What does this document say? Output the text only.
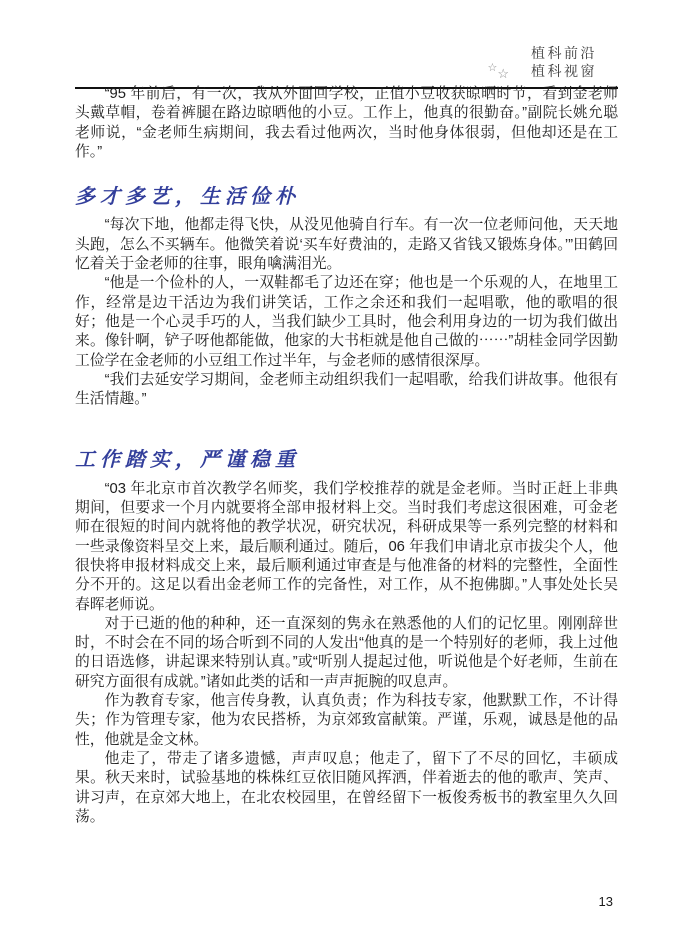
植科前沿
☆ ☆ 植科视窗

“95 年前后，有一次，我从外面回学校，正值小豆收获晾晒时节，看到金老师头戴草帽，卷着裤腿在路边晾晒他的小豆。工作上，他真的很勤奋。”副院长姚允聪老师说，“金老师生病期间，我去看过他两次，当时他身体很弱，但他却还是在工作。”

多才多艺，生活俭朴

“每次下地，他都走得飞快，从没见他骑自行车。有一次一位老师问他，天天地头跑，怎么不买辆车。他微笑着说‘买车好费油的，走路又省钱又锻炼身体。’”田鹤回忆着关于金老师的往事，眼角噙满泪光。

“他是一个俭朴的人，一双鞋都毛了边还在穿；他也是一个乐观的人，在地里工作，经常是边干活边为我们讲笑话，工作之余还和我们一起唱歌，他的歌唱的很好；他是一个心灵手巧的人，当我们缺少工具时，他会利用身边的一切为我们做出来。像针啊，铲子呀他都能做，他家的大书柜就是他自己做的⋯⋯”胡桂金同学因勤工俭学在金老师的小豆组工作过半年，与金老师的感情很深厚。

“我们去延安学习期间，金老师主动组织我们一起唱歌，给我们讲故事。他很有生活情趣。”

工作踏实，严谨稳重

“03 年北京市首次教学名师奖，我们学校推荐的就是金老师。当时正赶上非典期间，但要求一个月内就要将全部申报材料上交。当时我们考虑这很困难，可金老师在很短的时间内就将他的教学状况，研究状况，科研成果等一系列完整的材料和一些录像资料呈交上来，最后顺利通过。随后，06 年我们申请北京市拔尖个人，他很快将申报材料成交上来，最后顺利通过审查是与他准备的材料的完整性，全面性分不开的。这足以看出金老师工作的完备性，对工作，从不抱佛脚。”人事处处长吴春晖老师说。

对于已逝的他的种种，还一直深刻的隽永在熟悉他的人们的记忆里。刚刚辞世时，不时会在不同的场合听到不同的人发出“他真的是一个特别好的老师，我上过他的日语选修，讲起课来特别认真。”或“听别人提起过他，听说他是个好老师，生前在研究方面很有成就。”诸如此类的话和一声声扼腕的叹息声。

作为教育专家，他言传身教，认真负责；作为科技专家，他默默工作，不计得失；作为管理专家，他为农民搭桥，为京郊致富献策。严谨，乐观，诚恳是他的品性，他就是金文林。

他走了，带走了诸多遗憾，声声叹息；他走了，留下了不尽的回忆，丰硕成果。秋天来时，试验基地的株株红豆依旧随风挥洒，伴着逝去的他的歌声、笑声、讲习声，在京郊大地上，在北农校园里，在曾经留下一板俊秀板书的教室里久久回荡。

13
